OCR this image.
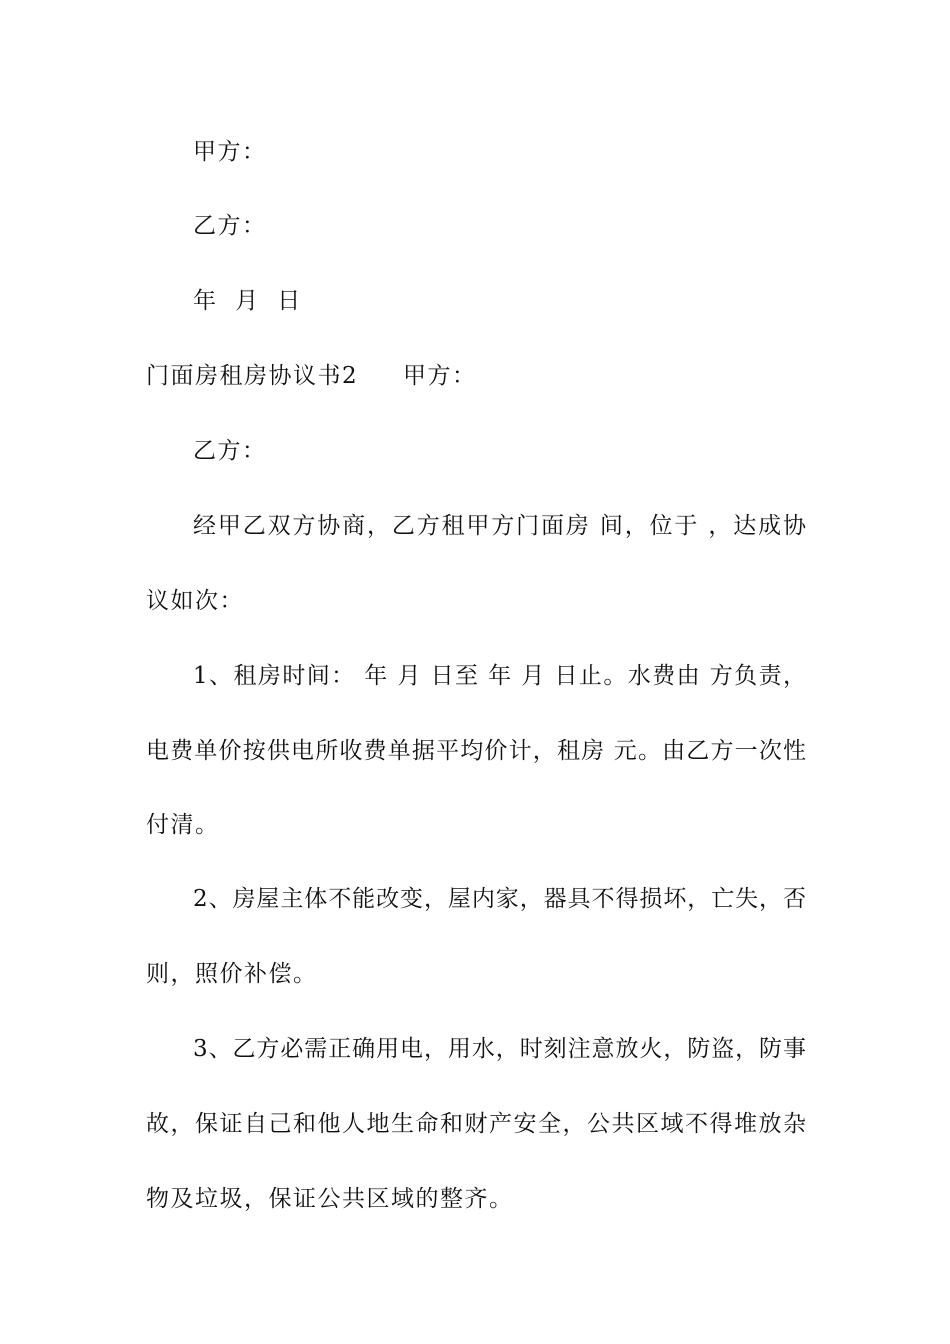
甲方：
乙方：
年  月  日
门面房租房协议书2 甲方：
乙方：
经甲乙双方协商，乙方租甲方门面房 间，位于 ，达成协
议如次：
1、租房时间： 年 月 日至 年 月 日止。水费由 方负责，
电费单价按供电所收费单据平均价计，租房 元。由乙方一次性
付清。
2、房屋主体不能改变，屋内家，器具不得损坏，亡失，否
则，照价补偿。
3、乙方必需正确用电，用水，时刻注意放火，防盗，防事
故，保证自己和他人地生命和财产安全，公共区域不得堆放杂
物及垃圾，保证公共区域的整齐。
